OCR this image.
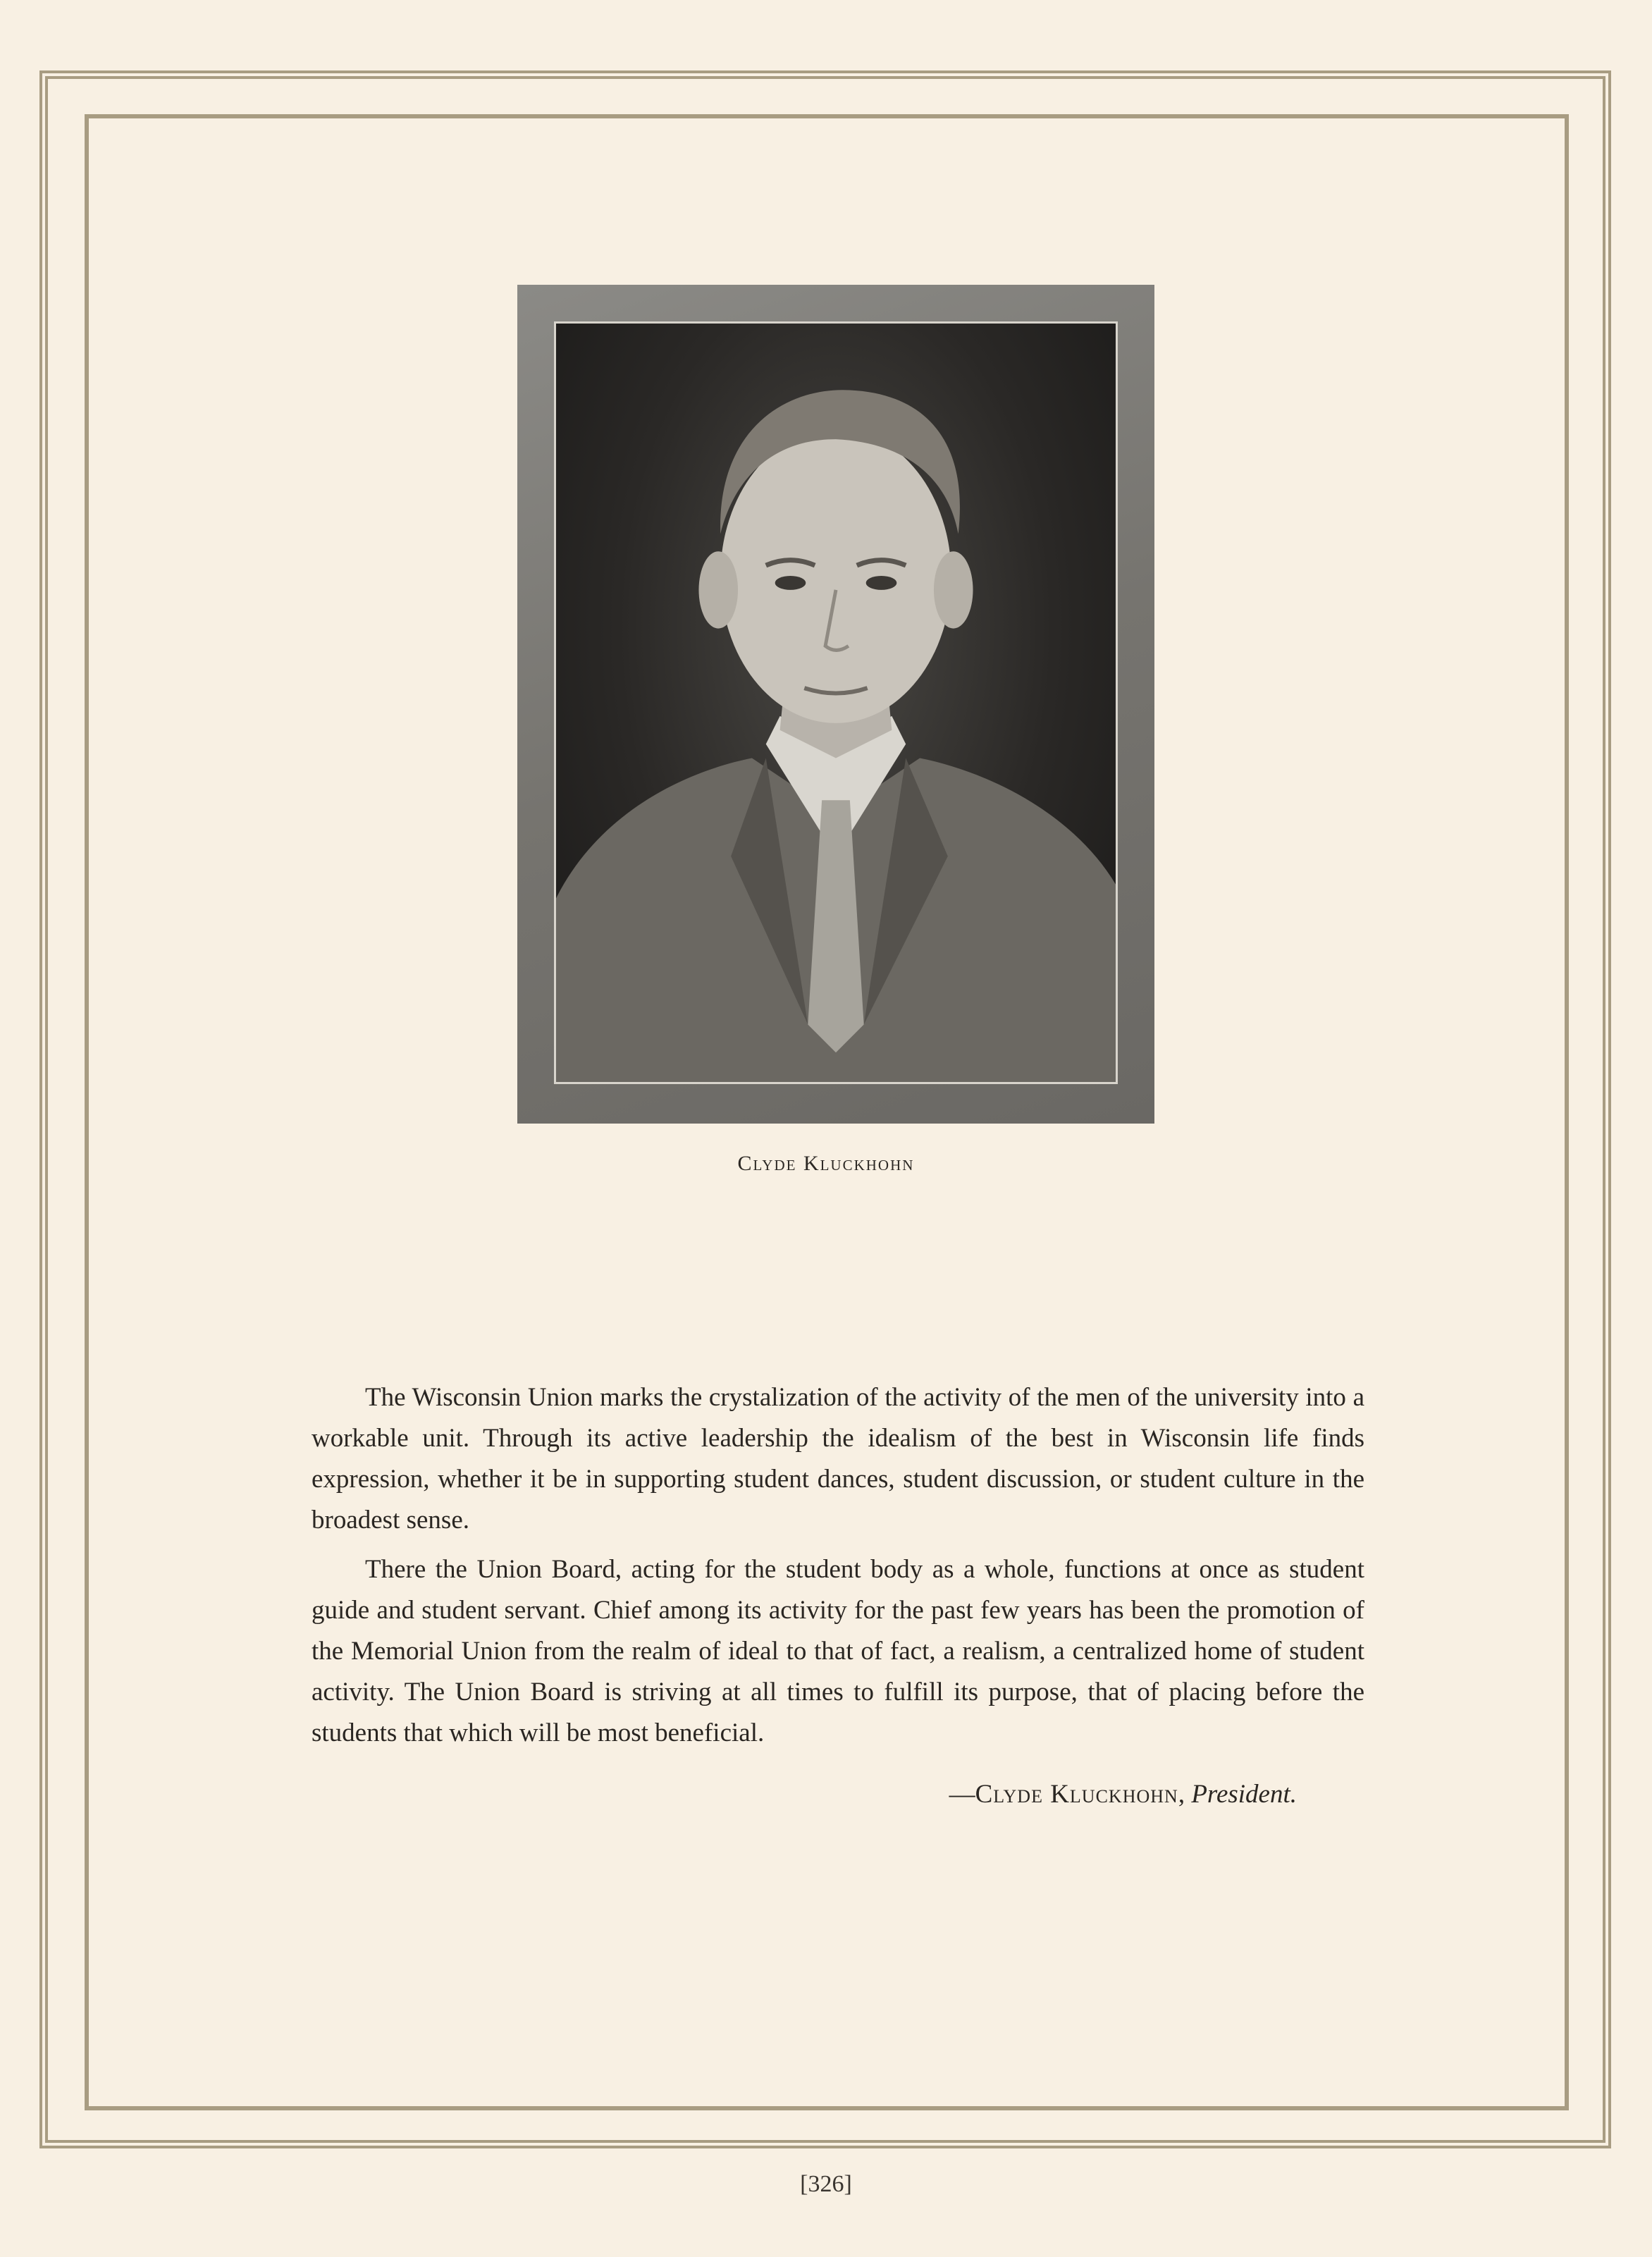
Clyde Kluckhohn

The Wisconsin Union marks the crystalization of the activity of the men of the university into a workable unit. Through its active leadership the idealism of the best in Wisconsin life finds expression, whether it be in supporting student dances, student discussion, or student culture in the broadest sense.

There the Union Board, acting for the student body as a whole, functions at once as student guide and student servant. Chief among its activity for the past few years has been the promotion of the Memorial Union from the realm of ideal to that of fact, a realism, a centralized home of student activity. The Union Board is striving at all times to fulfill its purpose, that of placing before the students that which will be most beneficial.

—Clyde Kluckhohn, President.
[326]
